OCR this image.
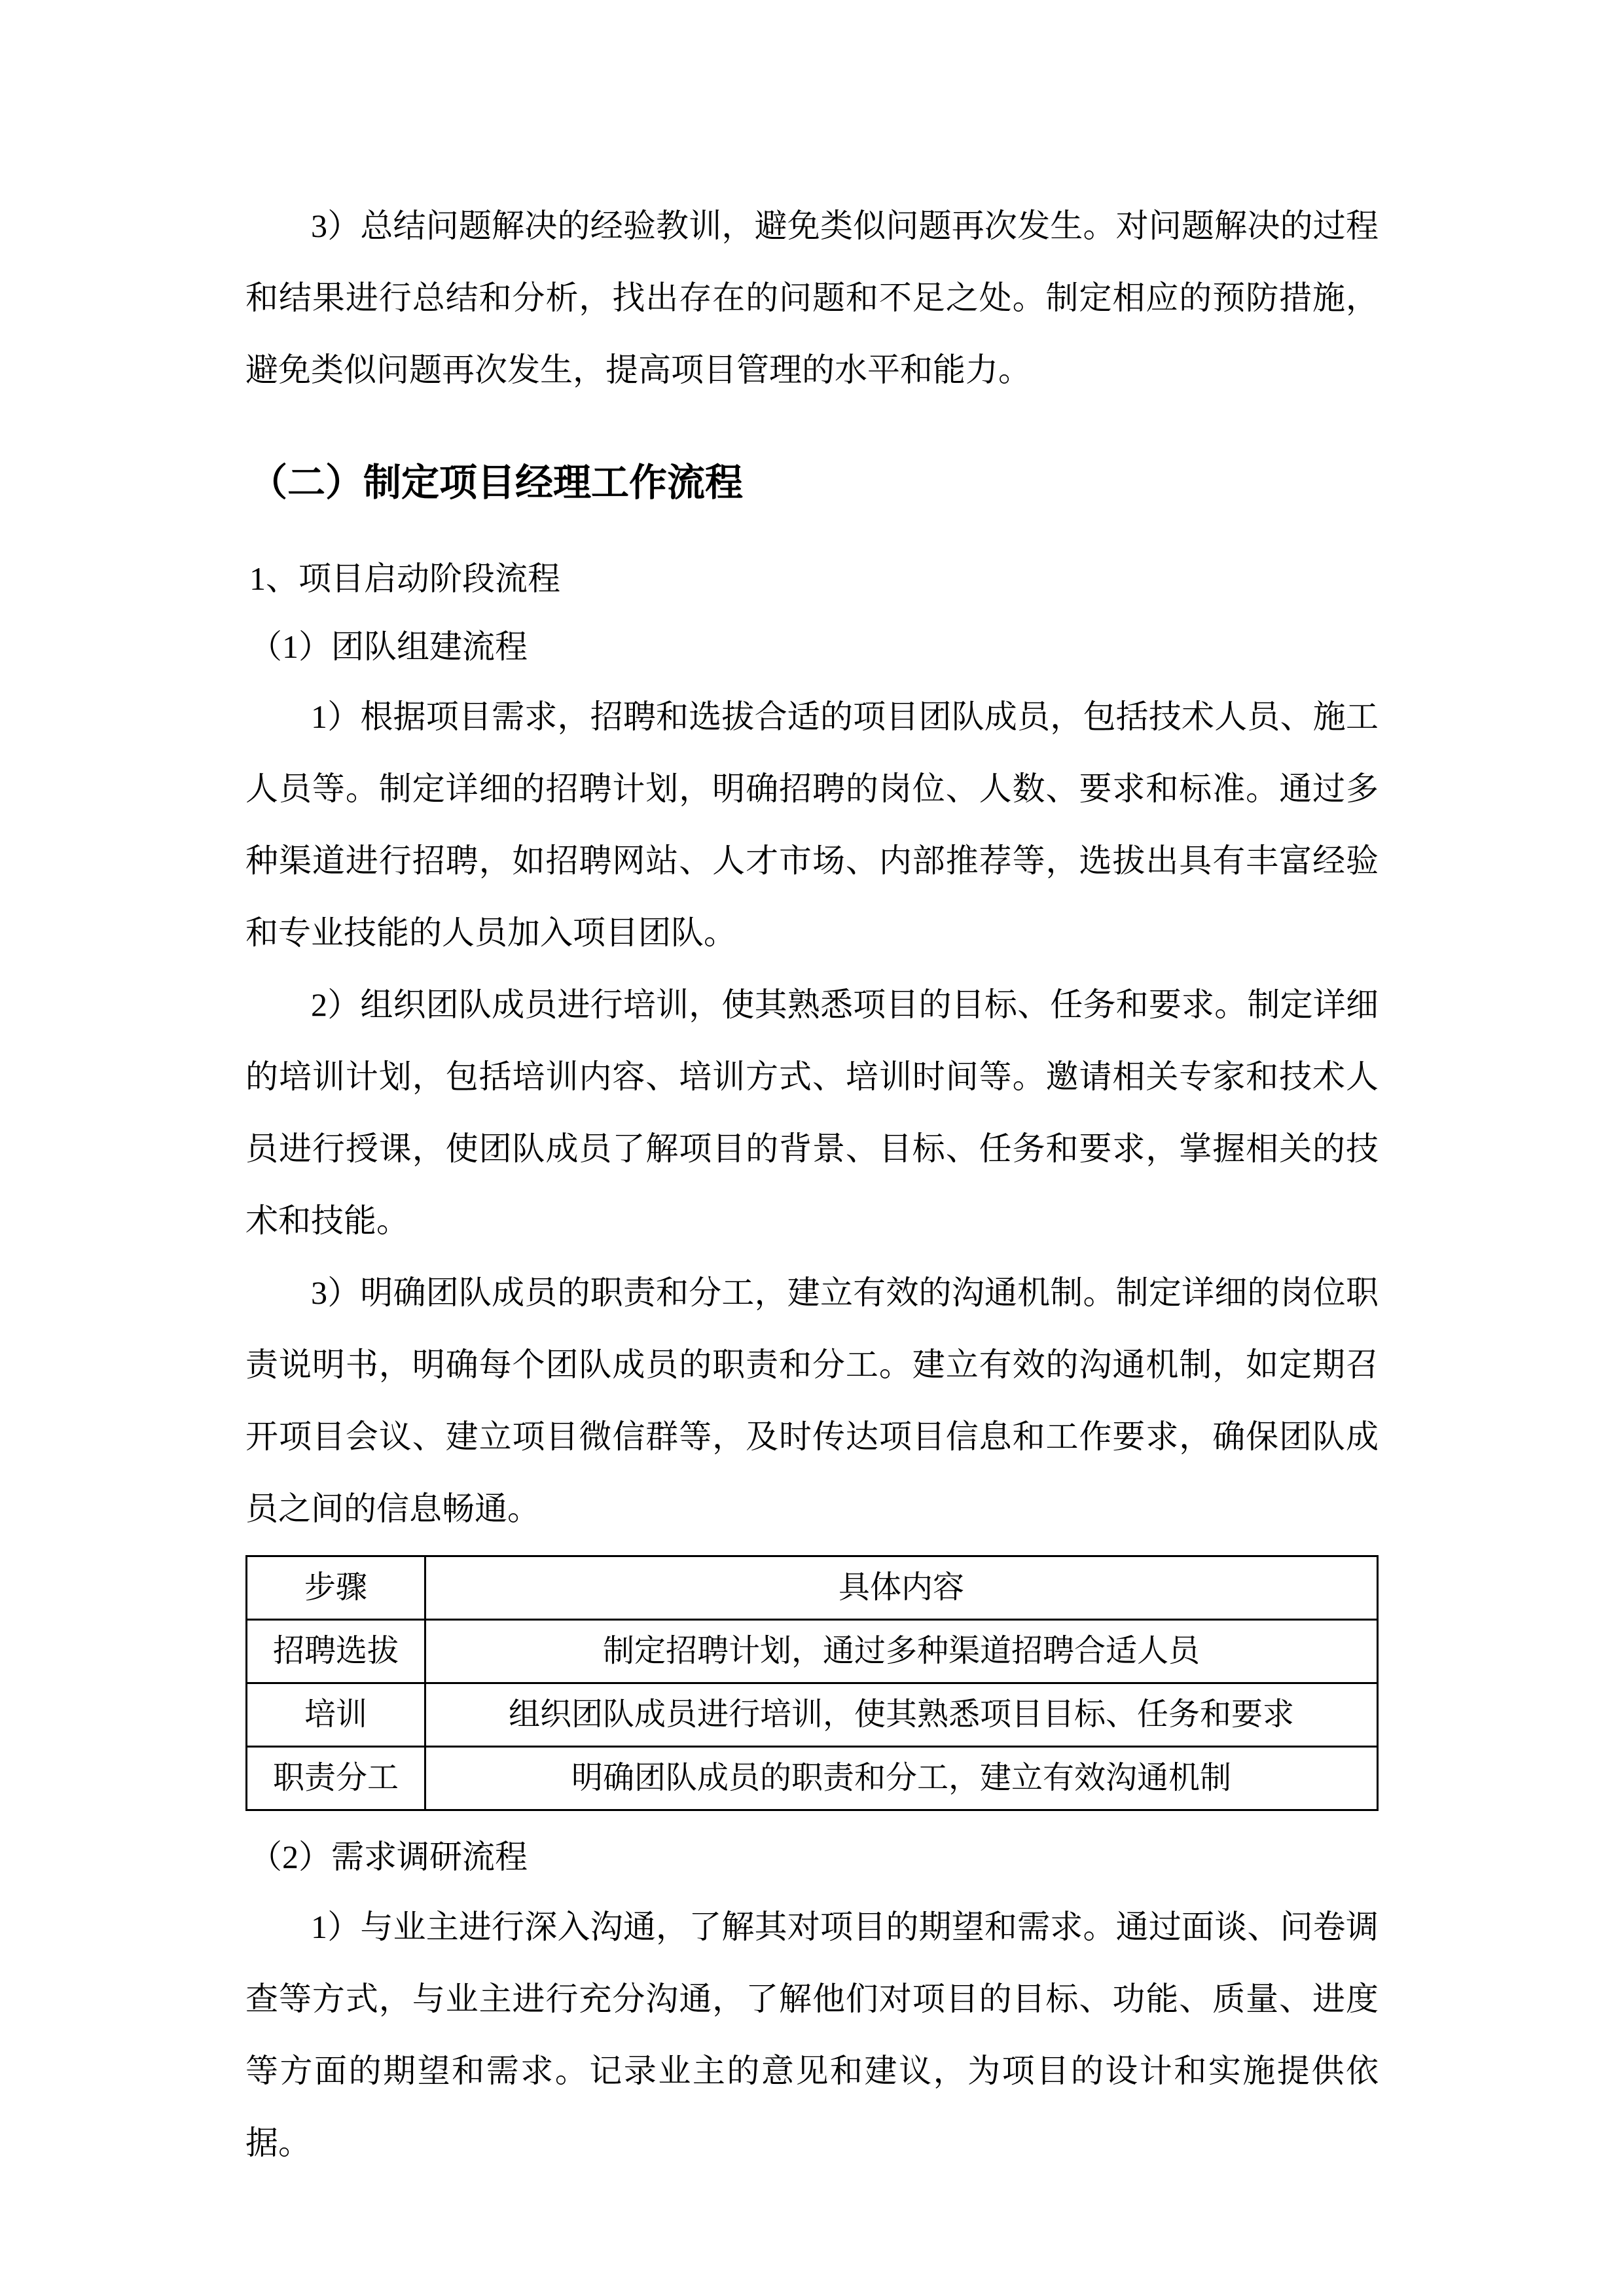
3）总结问题解决的经验教训，避免类似问题再次发生。对问题解决的过程和结果进行总结和分析，找出存在的问题和不足之处。制定相应的预防措施，避免类似问题再次发生，提高项目管理的水平和能力。

（二）制定项目经理工作流程

1、项目启动阶段流程

（1）团队组建流程

1）根据项目需求，招聘和选拔合适的项目团队成员，包括技术人员、施工人员等。制定详细的招聘计划，明确招聘的岗位、人数、要求和标准。通过多种渠道进行招聘，如招聘网站、人才市场、内部推荐等，选拔出具有丰富经验和专业技能的人员加入项目团队。

2）组织团队成员进行培训，使其熟悉项目的目标、任务和要求。制定详细的培训计划，包括培训内容、培训方式、培训时间等。邀请相关专家和技术人员进行授课，使团队成员了解项目的背景、目标、任务和要求，掌握相关的技术和技能。

3）明确团队成员的职责和分工，建立有效的沟通机制。制定详细的岗位职责说明书，明确每个团队成员的职责和分工。建立有效的沟通机制，如定期召开项目会议、建立项目微信群等，及时传达项目信息和工作要求，确保团队成员之间的信息畅通。

步骤	具体内容
招聘选拔	制定招聘计划，通过多种渠道招聘合适人员
培训	组织团队成员进行培训，使其熟悉项目目标、任务和要求
职责分工	明确团队成员的职责和分工，建立有效沟通机制

（2）需求调研流程

1）与业主进行深入沟通，了解其对项目的期望和需求。通过面谈、问卷调查等方式，与业主进行充分沟通，了解他们对项目的目标、功能、质量、进度等方面的期望和需求。记录业主的意见和建议，为项目的设计和实施提供依据。
